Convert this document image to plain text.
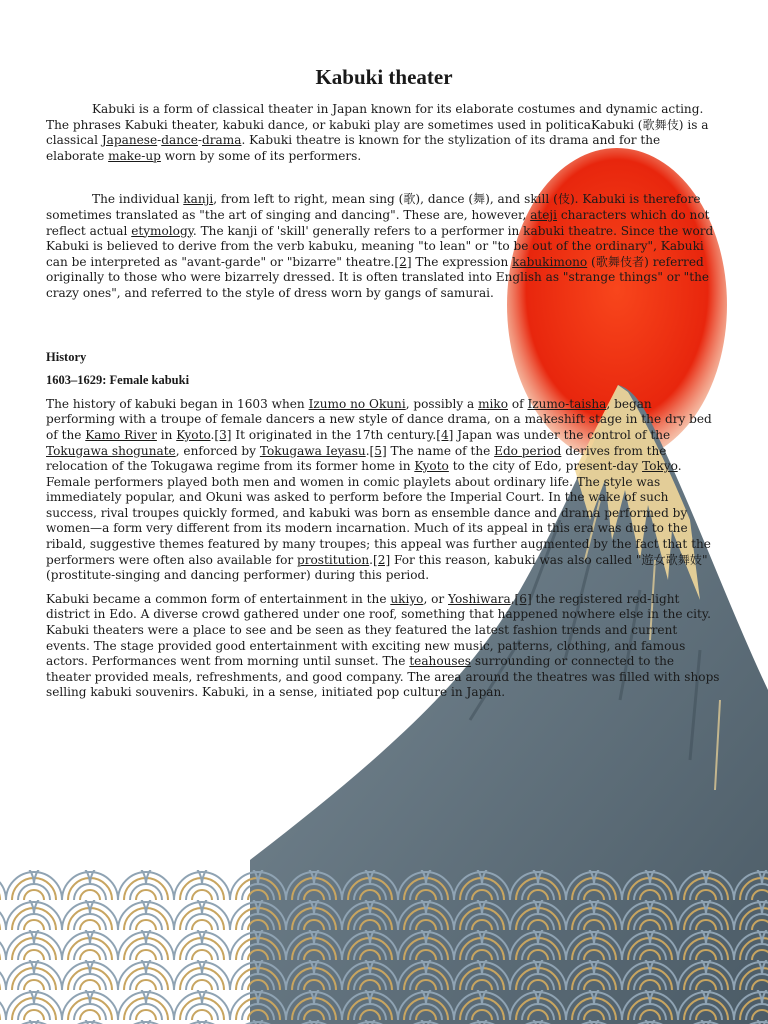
Kabuki theater

Kabuki is a form of classical theater in Japan known for its elaborate costumes and dynamic acting. The phrases Kabuki theater, kabuki dance, or kabuki play are sometimes used in politicaKabuki (歌舞伎) is a classical Japanese-dance-drama. Kabuki theatre is known for the stylization of its drama and for the elaborate make-up worn by some of its performers.

The individual kanji, from left to right, mean sing (歌), dance (舞), and skill (伎). Kabuki is therefore sometimes translated as "the art of singing and dancing". These are, however, ateji characters which do not reflect actual etymology. The kanji of 'skill' generally refers to a performer in kabuki theatre. Since the word Kabuki is believed to derive from the verb kabuku, meaning "to lean" or "to be out of the ordinary", Kabuki can be interpreted as "avant-garde" or "bizarre" theatre.[2] The expression kabukimono (歌舞伎者) referred originally to those who were bizarrely dressed. It is often translated into English as "strange things" or "the crazy ones", and referred to the style of dress worn by gangs of samurai.

History

1603–1629: Female kabuki

The history of kabuki began in 1603 when Izumo no Okuni, possibly a miko of Izumo-taisha, began performing with a troupe of female dancers a new style of dance drama, on a makeshift stage in the dry bed of the Kamo River in Kyoto.[3] It originated in the 17th century.[4] Japan was under the control of the Tokugawa shogunate, enforced by Tokugawa Ieyasu.[5] The name of the Edo period derives from the relocation of the Tokugawa regime from its former home in Kyoto to the city of Edo, present-day Tokyo. Female performers played both men and women in comic playlets about ordinary life. The style was immediately popular, and Okuni was asked to perform before the Imperial Court. In the wake of such success, rival troupes quickly formed, and kabuki was born as ensemble dance and drama performed by women—a form very different from its modern incarnation. Much of its appeal in this era was due to the ribald, suggestive themes featured by many troupes; this appeal was further augmented by the fact that the performers were often also available for prostitution.[2] For this reason, kabuki was also called "遊女歌舞妓" (prostitute-singing and dancing performer) during this period.

Kabuki became a common form of entertainment in the ukiyo, or Yoshiwara,[6] the registered red-light district in Edo. A diverse crowd gathered under one roof, something that happened nowhere else in the city. Kabuki theaters were a place to see and be seen as they featured the latest fashion trends and current events. The stage provided good entertainment with exciting new music, patterns, clothing, and famous actors. Performances went from morning until sunset. The teahouses surrounding or connected to the theater provided meals, refreshments, and good company. The area around the theatres was filled with shops selling kabuki souvenirs. Kabuki, in a sense, initiated pop culture in Japan.
